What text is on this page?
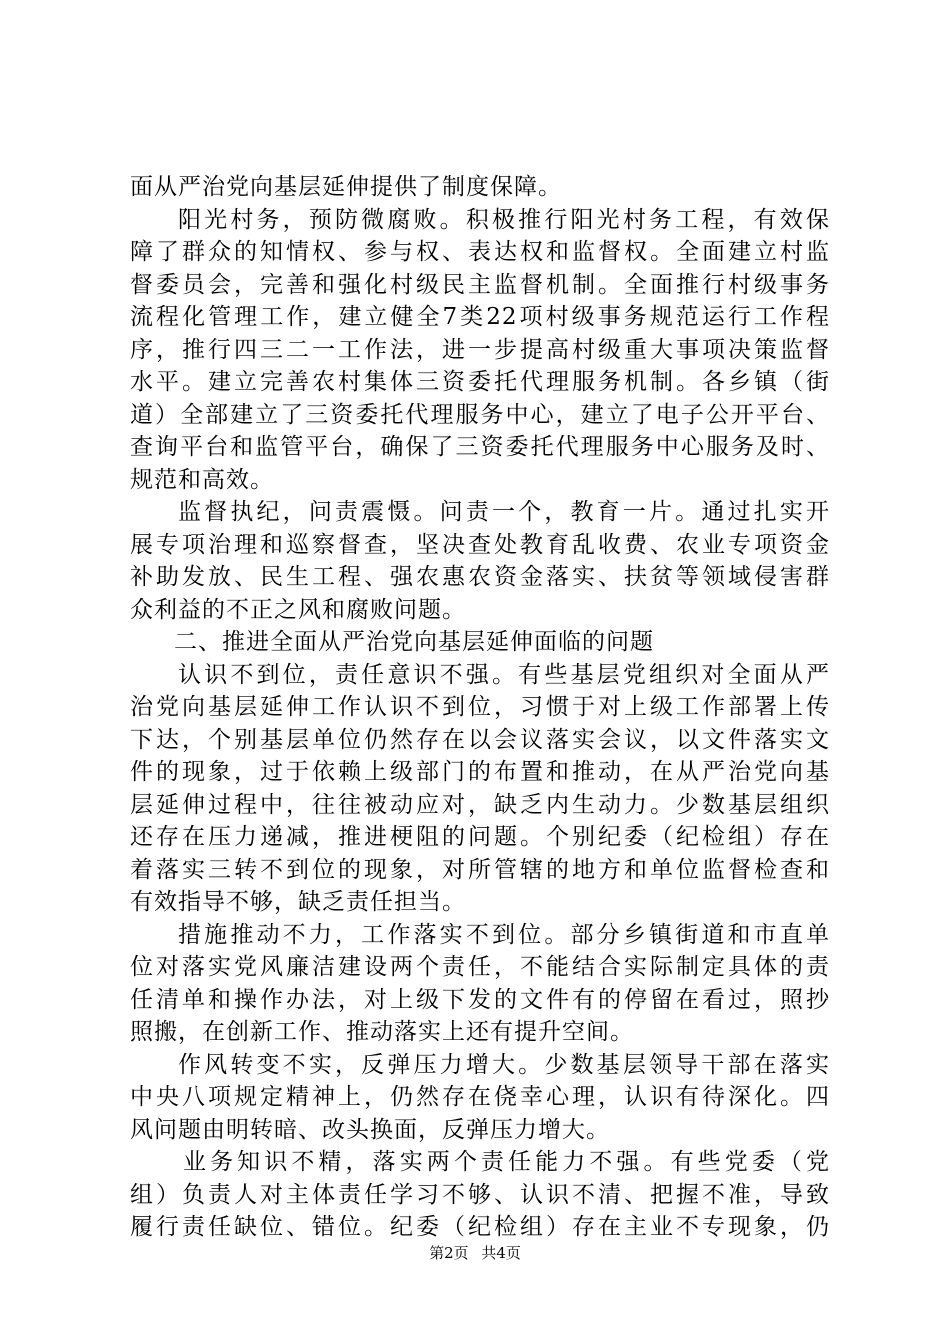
面从严治党向基层延伸提供了制度保障。
阳光村务，预防微腐败。积极推行阳光村务工程，有效保
障了群众的知情权、参与权、表达权和监督权。全面建立村监
督委员会，完善和强化村级民主监督机制。全面推行村级事务
流程化管理工作，建立健全7类22项村级事务规范运行工作程
序，推行四三二一工作法，进一步提高村级重大事项决策监督
水平。建立完善农村集体三资委托代理服务机制。各乡镇（街
道）全部建立了三资委托代理服务中心，建立了电子公开平台、
查询平台和监管平台，确保了三资委托代理服务中心服务及时、
规范和高效。
监督执纪，问责震慑。问责一个，教育一片。通过扎实开
展专项治理和巡察督查，坚决查处教育乱收费、农业专项资金
补助发放、民生工程、强农惠农资金落实、扶贫等领域侵害群
众利益的不正之风和腐败问题。
二、推进全面从严治党向基层延伸面临的问题
认识不到位，责任意识不强。有些基层党组织对全面从严
治党向基层延伸工作认识不到位，习惯于对上级工作部署上传
下达，个别基层单位仍然存在以会议落实会议，以文件落实文
件的现象，过于依赖上级部门的布置和推动，在从严治党向基
层延伸过程中，往往被动应对，缺乏内生动力。少数基层组织
还存在压力递减，推进梗阻的问题。个别纪委（纪检组）存在
着落实三转不到位的现象，对所管辖的地方和单位监督检查和
有效指导不够，缺乏责任担当。
措施推动不力，工作落实不到位。部分乡镇街道和市直单
位对落实党风廉洁建设两个责任，不能结合实际制定具体的责
任清单和操作办法，对上级下发的文件有的停留在看过，照抄
照搬，在创新工作、推动落实上还有提升空间。
作风转变不实，反弹压力增大。少数基层领导干部在落实
中央八项规定精神上，仍然存在侥幸心理，认识有待深化。四
风问题由明转暗、改头换面，反弹压力增大。
业务知识不精，落实两个责任能力不强。有些党委（党
组）负责人对主体责任学习不够、认识不清、把握不准，导致
履行责任缺位、错位。纪委（纪检组）存在主业不专现象，仍
第2页 共4页
